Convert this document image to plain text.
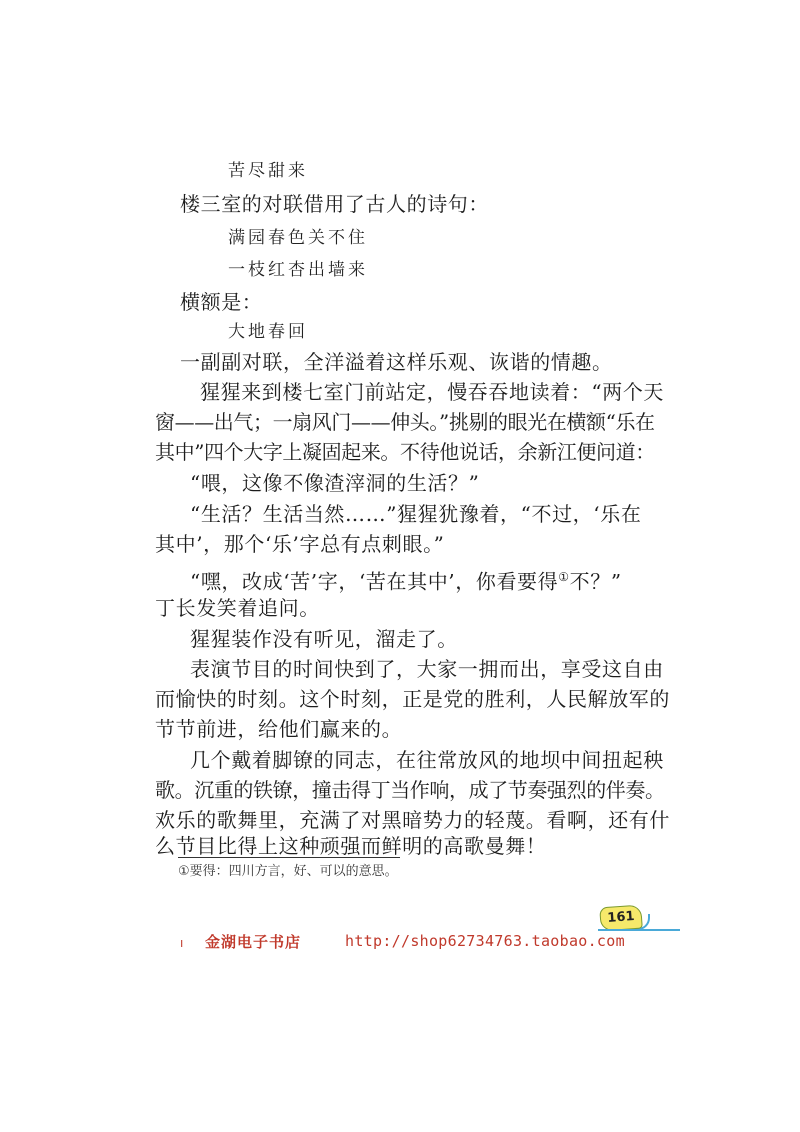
苦尽甜来
楼三室的对联借用了古人的诗句：
满园春色关不住
一枝红杏出墙来
横额是：
大地春回
一副副对联，全洋溢着这样乐观、诙谐的情趣。
猩猩来到楼七室门前站定，慢吞吞地读着：“两个天
窗——出气；一扇风门——伸头。”挑剔的眼光在横额“乐在
其中”四个大字上凝固起来。不待他说话，余新江便问道：
“喂，这像不像渣滓洞的生活？”
“生活？生活当然……”猩猩犹豫着，“不过，‘乐在
其中’，那个‘乐’字总有点刺眼。”
“嘿，改成‘苦’字，‘苦在其中’，你看要得①不？”
丁长发笑着追问。
猩猩装作没有听见，溜走了。
表演节目的时间快到了，大家一拥而出，享受这自由
而愉快的时刻。这个时刻，正是党的胜利，人民解放军的
节节前进，给他们赢来的。
几个戴着脚镣的同志，在往常放风的地坝中间扭起秧
歌。沉重的铁镣，撞击得丁当作响，成了节奏强烈的伴奏。
欢乐的歌舞里，充满了对黑暗势力的轻蔑。看啊，还有什
么节目比得上这种顽强而鲜明的高歌曼舞！
①要得：四川方言，好、可以的意思。
161
ı 金湖电子书店	http://shop62734763.taobao.com
